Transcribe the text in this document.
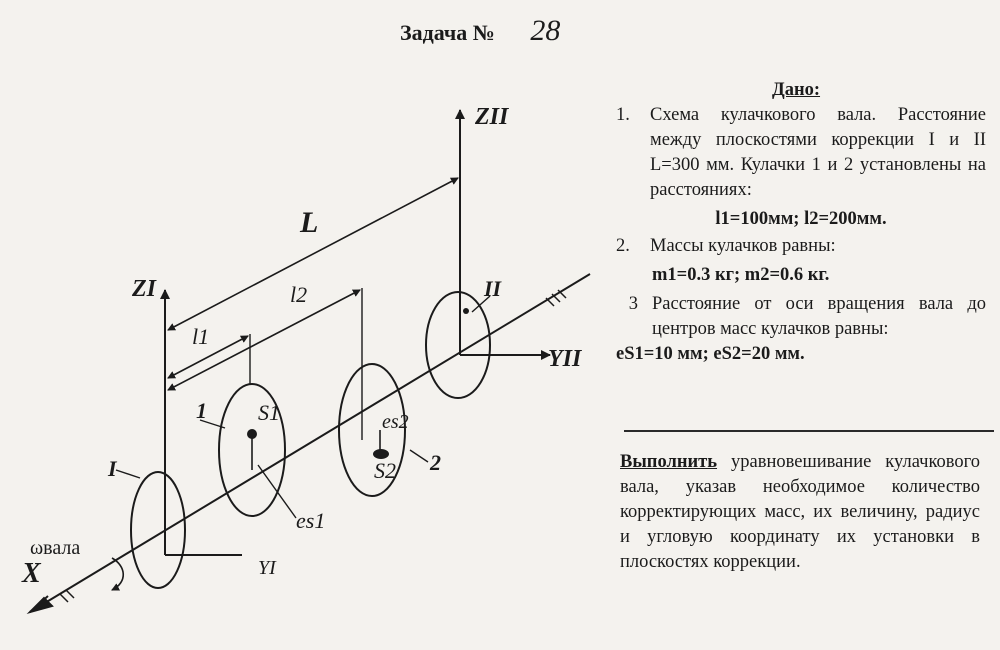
Задача № 28
ZII
YII
ZI
YI
X
L
l1
l2
I
II
1
2
S1
S2
es1
es2
ωвала
Дано:
1.	Схема кулачкового вала. Расстояние между плоскостями коррекции I и II L=300 мм. Кулачки 1 и 2 установлены на расстояниях:
l1=100мм; l2=200мм.
2.	Массы кулачков равны:
m1=0.3 кг; m2=0.6 кг.
3 Расстояние от оси вращения вала до центров масс кулачков равны:
eS1=10 мм; eS2=20 мм.
Выполнить уравновешивание кулачкового вала, указав необходимое количество корректирующих масс, их величину, радиус и угловую координату их установки в плоскостях коррекции.
